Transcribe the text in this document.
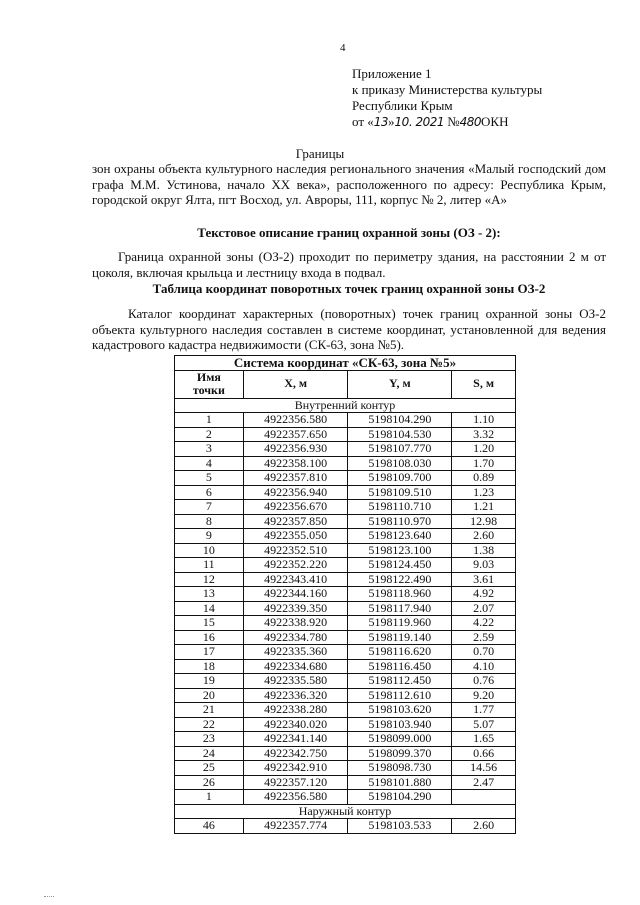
4
Приложение 1
к приказу Министерства культуры
Республики Крым
от «13»10. 2021 №480ОКН
Границы
зон охраны объекта культурного наследия регионального значения «Малый господский дом графа М.М. Устинова, начало XX века», расположенного по адресу: Республика Крым, городской округ Ялта, пгт Восход, ул. Авроры, 111, корпус № 2, литер «А»
Текстовое описание границ охранной зоны (ОЗ - 2):
Граница охранной зоны (ОЗ-2) проходит по периметру здания, на расстоянии 2 м от цоколя, включая крыльца и лестницу входа в подвал.
Таблица координат поворотных точек границ охранной зоны ОЗ-2
Каталог координат характерных (поворотных) точек границ охранной зоны ОЗ-2 объекта культурного наследия составлен в системе координат, установленной для ведения кадастрового кадастра недвижимости (СК-63, зона №5).
Система координат «СК-63, зона №5»			
Имя
точки	X, м	Y, м	S, м
Внутренний контур			
1	4922356.580	5198104.290	1.10
2	4922357.650	5198104.530	3.32
3	4922356.930	5198107.770	1.20
4	4922358.100	5198108.030	1.70
5	4922357.810	5198109.700	0.89
6	4922356.940	5198109.510	1.23
7	4922356.670	5198110.710	1.21
8	4922357.850	5198110.970	12.98
9	4922355.050	5198123.640	2.60
10	4922352.510	5198123.100	1.38
11	4922352.220	5198124.450	9.03
12	4922343.410	5198122.490	3.61
13	4922344.160	5198118.960	4.92
14	4922339.350	5198117.940	2.07
15	4922338.920	5198119.960	4.22
16	4922334.780	5198119.140	2.59
17	4922335.360	5198116.620	0.70
18	4922334.680	5198116.450	4.10
19	4922335.580	5198112.450	0.76
20	4922336.320	5198112.610	9.20
21	4922338.280	5198103.620	1.77
22	4922340.020	5198103.940	5.07
23	4922341.140	5198099.000	1.65
24	4922342.750	5198099.370	0.66
25	4922342.910	5198098.730	14.56
26	4922357.120	5198101.880	2.47
1	4922356.580	5198104.290	
Наружный контур			
46	4922357.774	5198103.533	2.60
